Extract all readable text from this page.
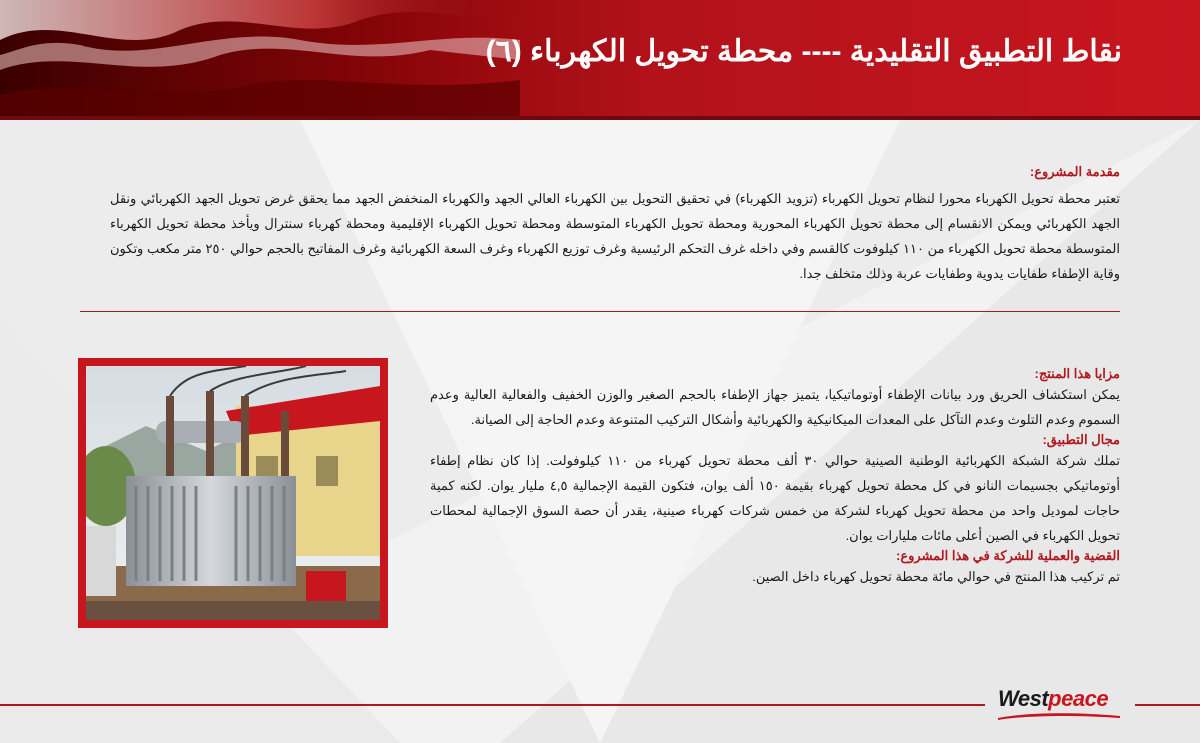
نقاط التطبيق التقليدية ---- محطة تحويل الكهرباء (٦)
مقدمة المشروع:

تعتبر محطة تحويل الكهرباء محورا لنظام تحويل الكهرباء (تزويد الكهرباء) في تحقيق التحويل بين الكهرباء العالي الجهد والكهرباء المنخفض الجهد مما يحقق غرض تحويل الجهد الكهربائي ونقل الجهد الكهربائي ويمكن الانقسام إلى محطة تحويل الكهرباء المحورية ومحطة تحويل الكهرباء المتوسطة ومحطة تحويل الكهرباء الإقليمية ومحطة كهرباء سنترال ويأخذ محطة تحويل الكهرباء المتوسطة محطة تحويل الكهرباء من ١١٠ كيلوفوت كالقسم وفي داخله غرف التحكم الرئيسية وغرف توزيع الكهرباء وغرف السعة الكهربائية وغرف المفاتيح بالحجم حوالي ٢٥٠ متر مكعب وتكون وقاية الإطفاء طفايات يدوية وطفايات عربة وذلك متخلف جدا.

مزايا هذا المنتج:

يمكن استكشاف الحريق ورد بيانات الإطفاء أوتوماتيكيا، يتميز جهاز الإطفاء بالحجم الصغير والوزن الخفيف والفعالية العالية وعدم السموم وعدم التلوث وعدم التآكل على المعدات الميكانيكية والكهربائية وأشكال التركيب المتنوعة وعدم الحاجة إلى الصيانة.

مجال التطبيق:

تملك شركة الشبكة الكهربائية الوطنية الصينية حوالي ٣٠ ألف محطة تحويل كهرباء من ١١٠ كيلوفولت. إذا كان نظام إطفاء أوتوماتيكي بجسيمات النانو في كل محطة تحويل كهرباء بقيمة ١٥٠ ألف يوان، فتكون القيمة الإجمالية ٤,٥ مليار يوان. لكنه كمية حاجات لموديل واحد من محطة تحويل كهرباء لشركة من خمس شركات كهرباء صينية، يقدر أن حصة السوق الإجمالية لمحطات تحويل الكهرباء في الصين أعلى مائات مليارات يوان.

القضية والعملية للشركة في هذا المشروع:

تم تركيب هذا المنتج في حوالي مائة محطة تحويل كهرباء داخل الصين.

Westpeace
